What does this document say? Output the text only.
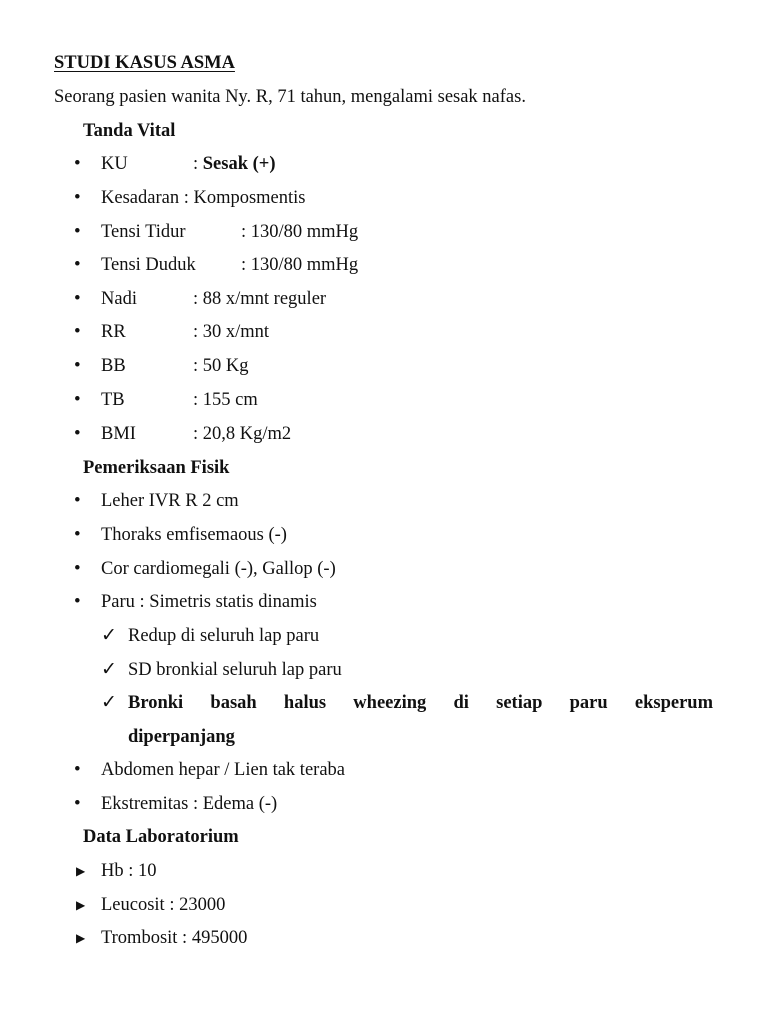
STUDI KASUS ASMA
Seorang pasien wanita Ny. R, 71 tahun, mengalami sesak nafas.
Tanda Vital
• KU	: Sesak (+)
• Kesadaran : Komposmentis
• Tensi Tidur	: 130/80 mmHg
• Tensi Duduk : 130/80 mmHg
• Nadi	: 88 x/mnt reguler
• RR	: 30 x/mnt
• BB	: 50 Kg
• TB	: 155 cm
• BMI	: 20,8 Kg/m2
Pemeriksaan Fisik
• Leher IVR R 2 cm
• Thoraks emfisemaous (-)
• Cor cardiomegali (-), Gallop (-)
• Paru : Simetris statis dinamis
✓ Redup di seluruh lap paru
✓ SD bronkial seluruh lap paru
✓ Bronki basah halus wheezing di setiap paru eksperum
diperpanjang
• Abdomen hepar / Lien tak teraba
• Ekstremitas : Edema (-)
Data Laboratorium
▶ Hb : 10
▶ Leucosit : 23000
▶ Trombosit : 495000
